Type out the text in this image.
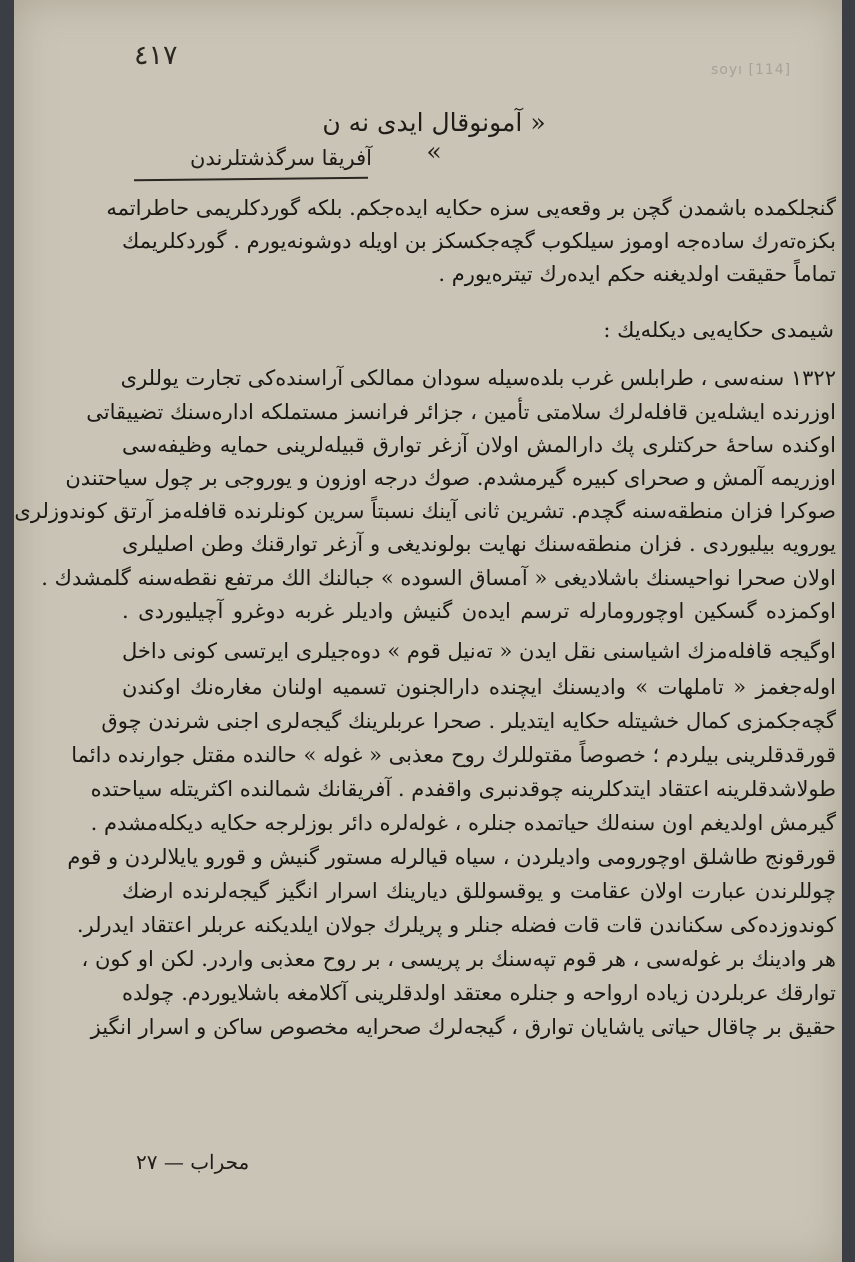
٤١٧	soyı [114]
« آمونوقال ایدی نه ن »
آفریقا سرگذشتلرندن
گنجلکمده باشمدن گچن بر وقعه‌یی سزه حکایه ایده‌جکم. بلکه گوردکلریمی حاطراتمه
بکزه‌ته‌رك ساده‌جه اوموز سیلکوب گچه‌جکسکز بن اویله دوشونه‌یورم . گوردکلریمك
تماماً حقیقت اولدیغنه حکم ایده‌رك تیتره‌یورم .
شیمدی حکایه‌یی دیکله‌یك :
١٣٢٢ سنه‌سی ، طرابلس غرب بلده‌سیله سودان ممالکی آراسنده‌کی تجارت یوللری
اوزرنده ایشله‌ین قافله‌لرك سلامتی تأمین ، جزائر فرانسز مستملکه اداره‌سنك تضییقاتی
اوکنده ساحه‌ٔ حرکتلری پك دارالمش اولان آزغر توارق قبیله‌لرینی حمایه وظیفه‌سی
اوزریمه آلمش و صحرای کبیره گیرمشدم. صوك درجه اوزون و یوروجی بر چول سیاحتندن
صوکرا فزان منطقه‌سنه گچدم. تشرین ثانی آینك نسبتاً سرین کونلرنده قافله‌مز آرتق کوندوزلری
یورویه بیلیوردی . فزان منطقه‌سنك نهایت بولوندیغی و آزغر توارقنك وطن اصلیلری
اولان صحرا نواحیسنك باشلادیغی « آمساق السوده » جبالنك الك مرتفع نقطه‌سنه گلمشدك .
اوکمزده گسکین اوچورومارله ترسم ایده‌ن گنیش وادیلر غربه دوغرو آچیلیوردی .
اوگیجه قافله‌مزك اشیاسنی نقل ایدن « ته‌نیل قوم » دوه‌جیلری ایرتسی کونی داخل
اوله‌جغمز « تاملهات » وادیسنك ایچنده دارالجنون تسمیه اولنان مغاره‌نك اوکندن
گچه‌جکمزی کمال خشیتله حکایه ایتدیلر . صحرا عربلرینك گیجه‌لری اجنی شرندن چوق
قورقدقلرینی بیلردم ؛ خصوصاً مقتوللرك روح معذبی « غوله » حالنده مقتل جوارنده دائما
طولاشدقلرینه اعتقاد ایتدکلرینه چوقدنبری واقفدم . آفریقانك شمالنده اکثریتله سیاحتده
گیرمش اولدیغم اون سنه‌لك حیاتمده جنلره ، غوله‌لره دائر بوزلرجه حکایه دیکله‌مشدم .
قورقونج طاشلق اوچورومی وادیلردن ، سیاه قیالرله مستور گنیش و قورو یایلالردن و قوم
چوللرندن عبارت اولان عقامت و یوقسوللق دیارینك اسرار انگیز گیجه‌لرنده ارضك
کوندوزده‌کی سکناندن قات قات فضله جنلر و پریلرك جولان ایلدیکنه عربلر اعتقاد ایدرلر.
هر وادینك بر غوله‌سی ، هر قوم تپه‌سنك بر پریسی ، بر روح معذبی واردر. لکن او کون ،
توارقك عربلردن زیاده ارواحه و جنلره معتقد اولدقلرینی آکلامغه باشلایوردم. چولده
حقیق بر چاقال حیاتی یاشایان توارق ، گیجه‌لرك صحرایه مخصوص ساکن و اسرار انگیز
محراب — ٢٧
